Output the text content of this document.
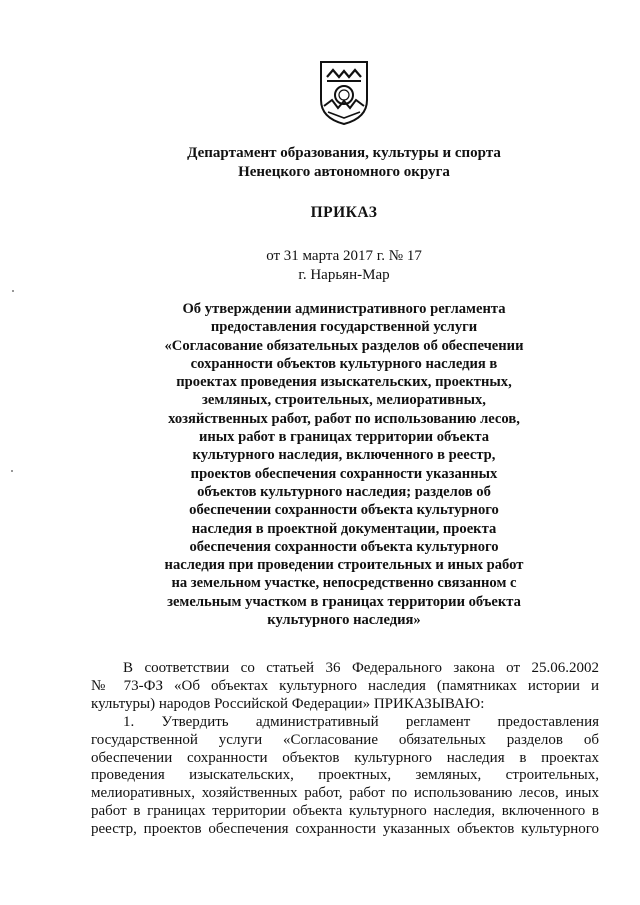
Департамент образования, культуры и спорта
Ненецкого автономного округа
ПРИКАЗ
от 31 марта 2017 г. № 17
г. Нарьян-Мар
Об утверждении административного регламента
предоставления государственной услуги
«Согласование обязательных разделов об обеспечении
сохранности объектов культурного наследия в
проектах проведения изыскательских, проектных,
земляных, строительных, мелиоративных,
хозяйственных работ, работ по использованию лесов,
иных работ в границах территории объекта
культурного наследия, включенного в реестр,
проектов обеспечения сохранности указанных
объектов культурного наследия; разделов об
обеспечении сохранности объекта культурного
наследия в проектной документации, проекта
обеспечения сохранности объекта культурного
наследия при проведении строительных и иных работ
на земельном участке, непосредственно связанном с
земельным участком в границах территории объекта
культурного наследия»
В соответствии со статьей 36 Федерального закона от 25.06.2002
№ 73-ФЗ «Об объектах культурного наследия (памятниках истории и
культуры) народов Российской Федерации» ПРИКАЗЫВАЮ:
1. Утвердить административный регламент предоставления
государственной услуги «Согласование обязательных разделов об
обеспечении сохранности объектов культурного наследия в проектах
проведения изыскательских, проектных, земляных, строительных,
мелиоративных, хозяйственных работ, работ по использованию лесов, иных
работ в границах территории объекта культурного наследия, включенного в
реестр, проектов обеспечения сохранности указанных объектов культурного
